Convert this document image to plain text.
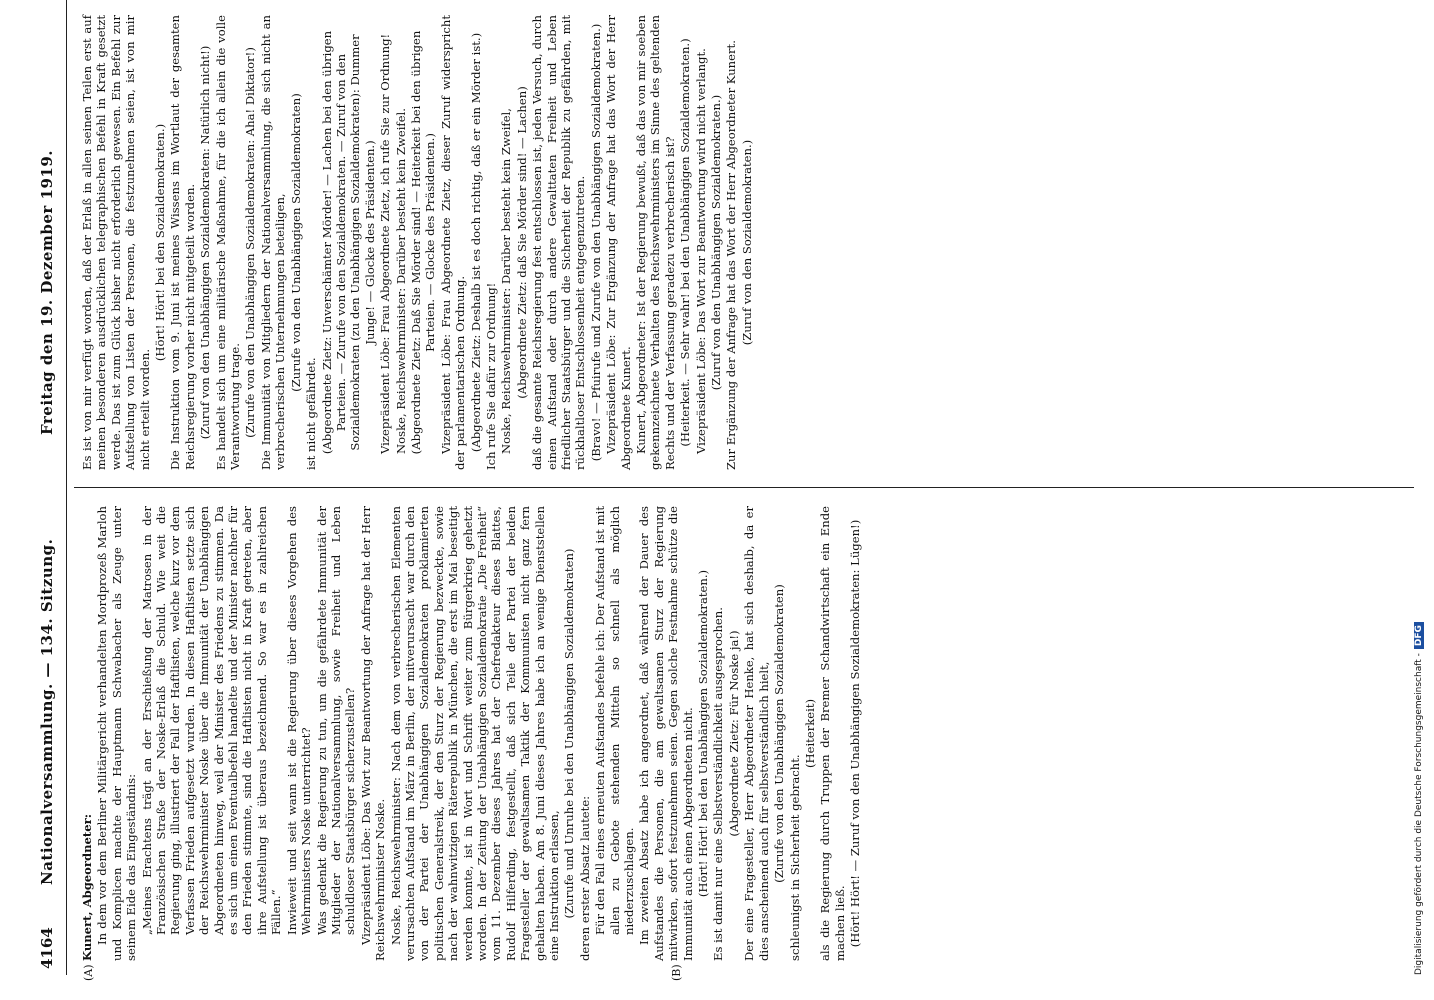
4164
Nationalversammlung. — 134. Sitzung.
Freitag den 19. Dezember 1919.
(A)	(B)

Kunert, Abgeordneter: In dem vor dem Berliner Militärgericht verhandelten Mordprozeß Marloh und Komplicen machte der Hauptmann Schwabacher als Zeuge unter seinem Eide das Eingeständnis: „Meines Erachtens trägt an der Erschießung der Matrosen in der Französischen Straße der Noske-Erlaß die Schuld. Wie weit die Regierung ging, illustriert der Fall der Haftlisten, welche kurz vor dem Verfassen Frieden aufgesetzt wurden. In diesen Haftlisten setzte sich der Reichswehrminister Noske über die Immunität der Unabhängigen Abgeordneten hinweg, weil der Minister des Friedens zu stimmen. Da es sich um einen Eventualbefehl handelte und der Minister nachher für den Frieden stimmte, sind die Haftlisten nicht in Kraft getreten, aber ihre Aufstellung ist überaus bezeichnend. So war es in zahlreichen Fällen.“ Inwieweit und seit wann ist die Regierung über dieses Vorgehen des Wehrministers Noske unterrichtet? Was gedenkt die Regierung zu tun, um die gefährdete Immunität der Mitglieder der Nationalversammlung, sowie Freiheit und Leben schuldloser Staatsbürger sicherzustellen? Vizepräsident Löbe: Das Wort zur Beantwortung der Anfrage hat der Herr Reichswehrminister Noske. Noske, Reichswehrminister: Nach dem von verbrecherischen Elementen verursachten Aufstand im März in Berlin, der mitverursacht war durch den von der Partei der Unabhängigen Sozialdemokraten proklamierten politischen Generalstreik, der den Sturz der Regierung bezweckte, sowie nach der wahnwitzigen Räterepublik in München, die erst im Mai beseitigt werden konnte, ist in Wort und Schrift weiter zum Bürgerkrieg gehetzt worden. In der Zeitung der Unabhängigen Sozialdemokratie „Die Freiheit“ vom 11. Dezember dieses Jahres hat der Chefredakteur dieses Blattes, Rudolf Hilferding, festgestellt, daß sich Teile der Partei der beiden Fragesteller der gewaltsamen Taktik der Kommunisten nicht ganz fern gehalten haben. Am 8. Juni dieses Jahres habe ich an wenige Dienststellen eine Instruktion erlassen, (Zurufe und Unruhe bei den Unabhängigen Sozialdemokraten) deren erster Absatz lautete: Für den Fall eines erneuten Aufstandes befehle ich: Der Aufstand ist mit allen zu Gebote stehenden Mitteln so schnell als möglich niederzuschlagen. Im zweiten Absatz habe ich angeordnet, daß während der Dauer des Aufstandes die Personen, die am gewaltsamen Sturz der Regierung mitwirken, sofort festzunehmen seien. Gegen solche Festnahme schütze die Immunität auch einen Abgeordneten nicht. (Hört! Hört! bei den Unabhängigen Sozialdemokraten.) Es ist damit nur eine Selbstverständlichkeit ausgesprochen. (Abgeordnete Zietz: Für Noske ja!) Der eine Fragesteller, Herr Abgeordneter Henke, hat sich deshalb, da er dies anscheinend auch für selbstverständlich hielt, (Zurufe von den Unabhängigen Sozialdemokraten) schleunigst in Sicherheit gebracht.

(Heiterkeit) als die Regierung durch Truppen der Bremer Schandwirtschaft ein Ende machen ließ. (Hört! Hört! — Zuruf von den Unabhängigen Sozialdemokraten: Lügen!)

Es ist von mir verfügt worden, daß der Erlaß in allen seinen Teilen erst auf meinen besonderen ausdrücklichen telegraphischen Befehl in Kraft gesetzt werde. Das ist zum Glück bisher nicht erforderlich gewesen. Ein Befehl zur Aufstellung von Listen der Personen, die festzunehmen seien, ist von mir nicht erteilt worden.

(Hört! Hört! bei den Sozialdemokraten.) Die Instruktion vom 9. Juni ist meines Wissens im Wortlaut der gesamten Reichsregierung vorher nicht mitgeteilt worden. (Zuruf von den Unabhängigen Sozialdemokraten: Natürlich nicht!) Es handelt sich um eine militärische Maßnahme, für die ich allein die volle Verantwortung trage. (Zurufe von den Unabhängigen Sozialdemokraten: Aha! Diktator!) Die Immunität von Mitgliedern der Nationalversammlung, die sich nicht an verbrecherischen Unternehmungen beteiligen, (Zurufe von den Unabhängigen Sozialdemokraten)

ist nicht gefährdet. (Abgeordnete Zietz: Unverschämter Mörder! — Lachen bei den übrigen Parteien. — Zurufe von den Sozialdemokraten. — Zuruf von den Sozialdemokraten (zu den Unabhängigen Sozialdemokraten): Dummer Junge! — Glocke des Präsidenten.) Vizepräsident Löbe: Frau Abgeordnete Zietz, ich rufe Sie zur Ordnung! Noske, Reichswehrminister: Darüber besteht kein Zweifel. (Abgeordnete Zietz: Daß Sie Mörder sind! — Heiterkeit bei den übrigen Parteien. — Glocke des Präsidenten.) Vizepräsident Löbe: Frau Abgeordnete Zietz, dieser Zuruf widerspricht der parlamentarischen Ordnung. (Abgeordnete Zietz: Deshalb ist es doch richtig, daß er ein Mörder ist.) Ich rufe Sie dafür zur Ordnung! Noske, Reichswehrminister: Darüber besteht kein Zweifel, (Abgeordnete Zietz: daß Sie Mörder sind! — Lachen) daß die gesamte Reichsregierung fest entschlossen ist, jeden Versuch, durch einen Aufstand oder durch andere Gewalttaten Freiheit und Leben friedlicher Staatsbürger und die Sicherheit der Republik zu gefährden, mit rückhaltloser Entschlossenheit entgegenzutreten. (Bravo! — Pfuirufe und Zurufe von den Unabhängigen Sozialdemokraten.) Vizepräsident Löbe: Zur Ergänzung der Anfrage hat das Wort der Herr Abgeordnete Kunert. Kunert, Abgeordneter: Ist der Regierung bewußt, daß das von mir soeben gekennzeichnete Verhalten des Reichswehrministers im Sinne des geltenden Rechts und der Verfassung geradezu verbrecherisch ist? (Heiterkeit. — Sehr wahr! bei den Unabhängigen Sozialdemokraten.) Vizepräsident Löbe: Das Wort zur Beantwortung wird nicht verlangt. (Zuruf von den Unabhängigen Sozialdemokraten.) Zur Ergänzung der Anfrage hat das Wort der Herr Abgeordneter Kunert. (Zuruf von den Sozialdemokraten.)

Digitalisierung gefördert durch die Deutsche Forschungsgemeinschaft -DFG
